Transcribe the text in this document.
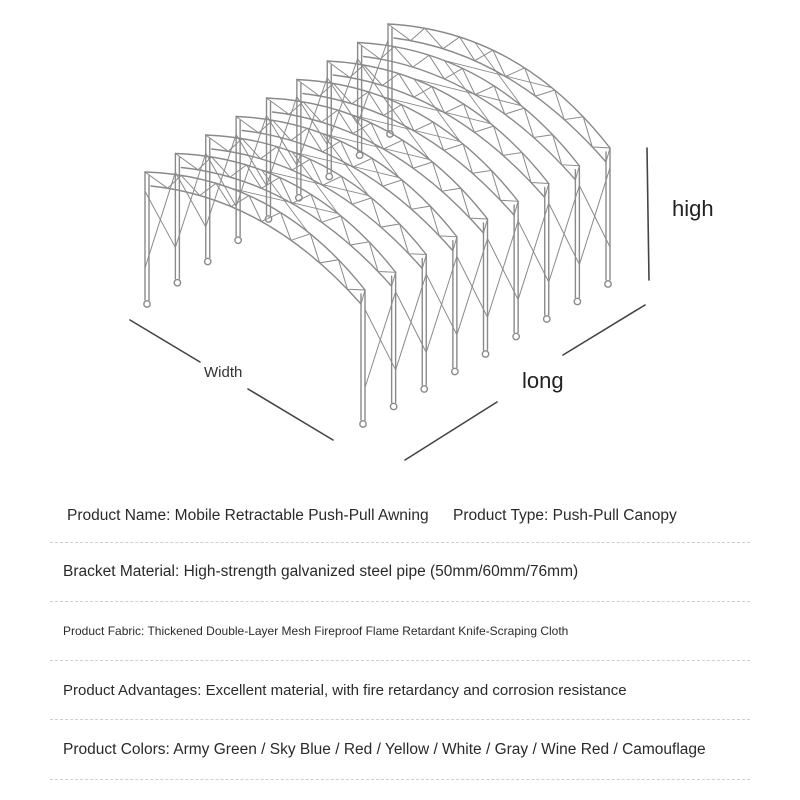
high
long
Width
Product Name: Mobile Retractable Push-Pull Awning	Product Type: Push-Pull Canopy
Bracket Material: High-strength galvanized steel pipe (50mm/60mm/76mm)
Product Fabric: Thickened Double-Layer Mesh Fireproof Flame Retardant Knife-Scraping Cloth
Product Advantages: Excellent material, with fire retardancy and corrosion resistance
Product Colors: Army Green / Sky Blue / Red / Yellow / White / Gray / Wine Red / Camouflage
